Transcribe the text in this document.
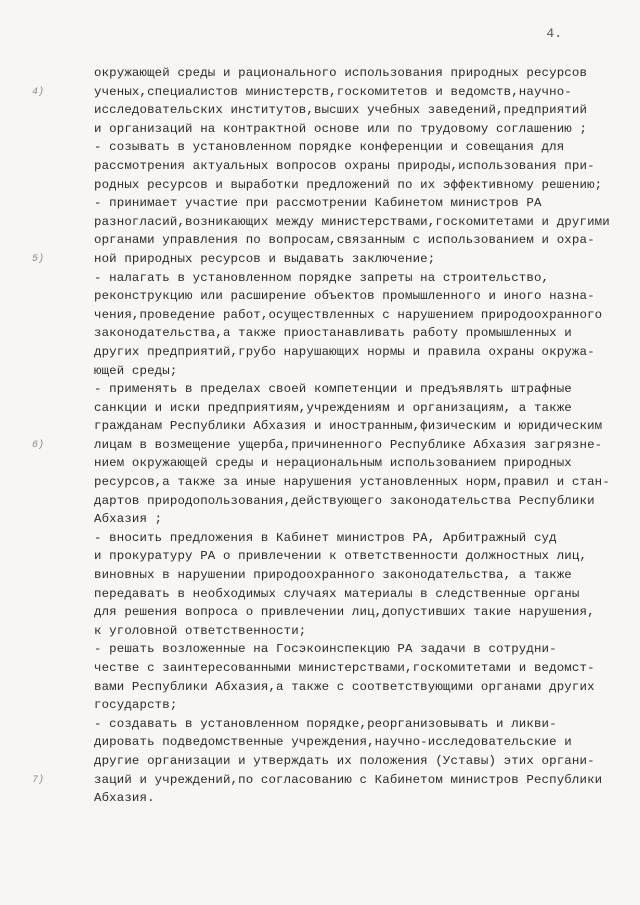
4.
4)
5)
6)
7)
окружающей среды и рационального использования природных ресурсов
ученых,специалистов министерств,госкомитетов и ведомств,научно-
исследовательских институтов,высших учебных заведений,предприятий
и организаций на контрактной основе или по трудовому соглашению ;
- созывать в установленном порядке конференции и совещания для
рассмотрения актуальных вопросов охраны природы,использования при-
родных ресурсов и выработки предложений по их эффективному решению;
- принимает участие при рассмотрении Кабинетом министров РА
разногласий,возникающих между министерствами,госкомитетами и другими
органами управления по вопросам,связанным с использованием и охра-
ной природных ресурсов и выдавать заключение;
- налагать в установленном порядке запреты на строительство,
реконструкцию или расширение объектов промышленного и иного назна-
чения,проведение работ,осуществленных с нарушением природоохранного
законодательства,а также приостанавливать работу промышленных и
других предприятий,грубо нарушающих нормы и правила охраны окружа-
ющей среды;
- применять в пределах своей компетенции и предъявлять штрафные
санкции и иски предприятиям,учреждениям и организациям, а также
гражданам Республики Абхазия и иностранным,физическим и юридическим
лицам в возмещение ущерба,причиненного Республике Абхазия загрязне-
нием окружающей среды и нерациональным использованием природных
ресурсов,а также за иные нарушения установленных норм,правил и стан-
дартов природопользования,действующего законодательства Республики
Абхазия ;
- вносить предложения в Кабинет министров РА, Арбитражный суд
и прокуратуру РА о привлечении к ответственности должностных лиц,
виновных в нарушении природоохранного законодательства, а также
передавать в необходимых случаях материалы в следственные органы
для решения вопроса о привлечении лиц,допустивших такие нарушения,
к уголовной ответственности;
- решать возложенные на Госэкоинспекцию РА задачи в сотрудни-
честве с заинтересованными министерствами,госкомитетами и ведомст-
вами Республики Абхазия,а также с соответствующими органами других
государств;
- создавать в установленном порядке,реорганизовывать и ликви-
дировать подведомственные учреждения,научно-исследовательские и
другие организации и утверждать их положения (Уставы) этих органи-
заций и учреждений,по согласованию с Кабинетом министров Республики
Абхазия.
